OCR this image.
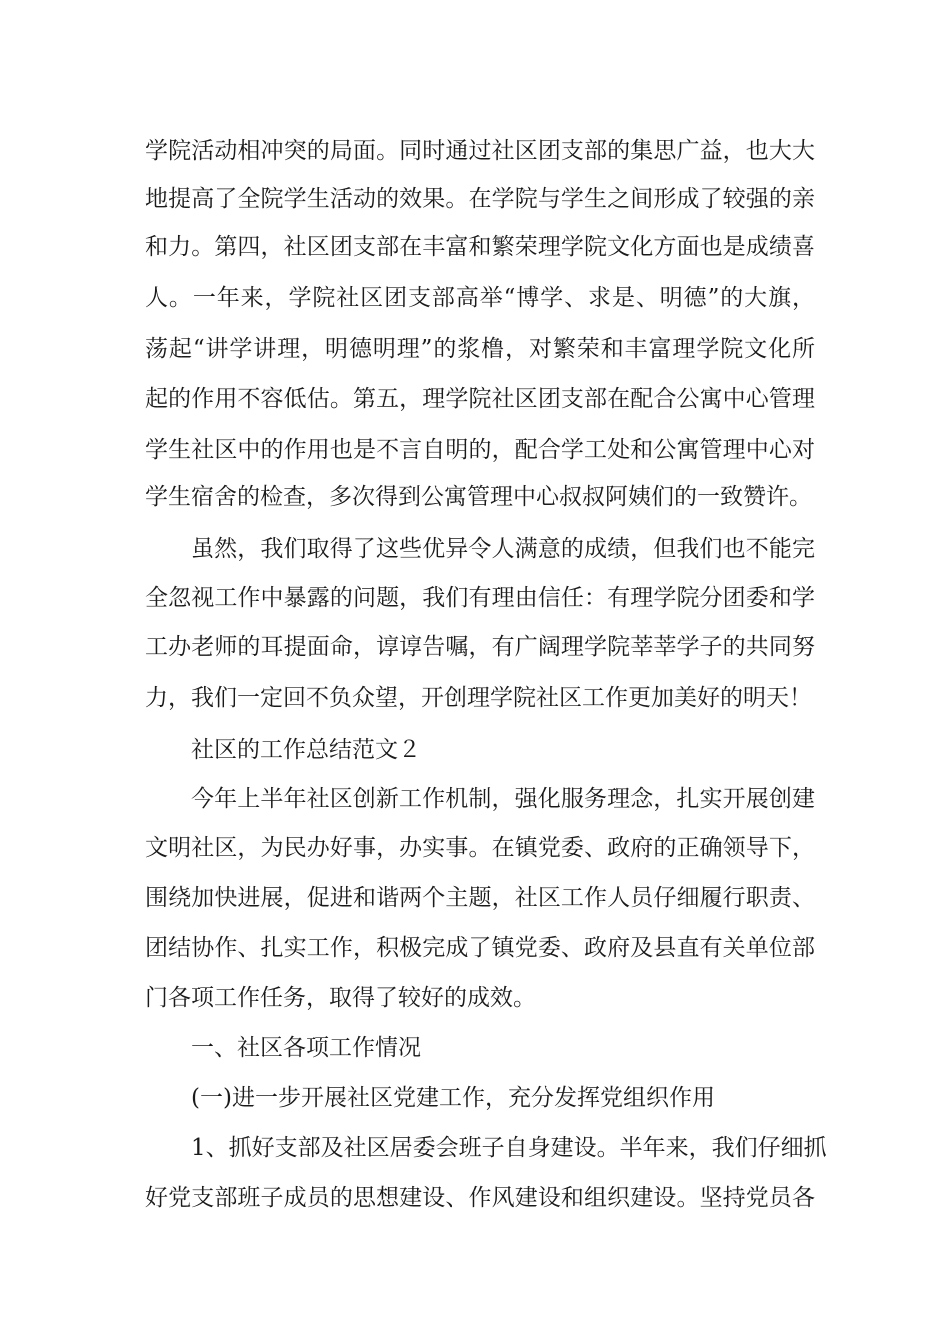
学院活动相冲突的局面。同时通过社区团支部的集思广益，也大大
地提高了全院学生活动的效果。在学院与学生之间形成了较强的亲
和力。第四，社区团支部在丰富和繁荣理学院文化方面也是成绩喜
人。一年来，学院社区团支部高举“博学、求是、明德”的大旗，
荡起“讲学讲理，明德明理”的浆橹，对繁荣和丰富理学院文化所
起的作用不容低估。第五，理学院社区团支部在配合公寓中心管理
学生社区中的作用也是不言自明的，配合学工处和公寓管理中心对
学生宿舍的检查，多次得到公寓管理中心叔叔阿姨们的一致赞许。
虽然，我们取得了这些优异令人满意的成绩，但我们也不能完
全忽视工作中暴露的问题，我们有理由信任：有理学院分团委和学
工办老师的耳提面命，谆谆告嘱，有广阔理学院莘莘学子的共同努
力，我们一定回不负众望，开创理学院社区工作更加美好的明天！
社区的工作总结范文２
今年上半年社区创新工作机制，强化服务理念，扎实开展创建
文明社区，为民办好事，办实事。在镇党委、政府的正确领导下，
围绕加快进展，促进和谐两个主题，社区工作人员仔细履行职责、
团结协作、扎实工作，积极完成了镇党委、政府及县直有关单位部
门各项工作任务，取得了较好的成效。
一、社区各项工作情况
(一)进一步开展社区党建工作，充分发挥党组织作用
1、抓好支部及社区居委会班子自身建设。半年来，我们仔细抓
好党支部班子成员的思想建设、作风建设和组织建设。坚持党员各
